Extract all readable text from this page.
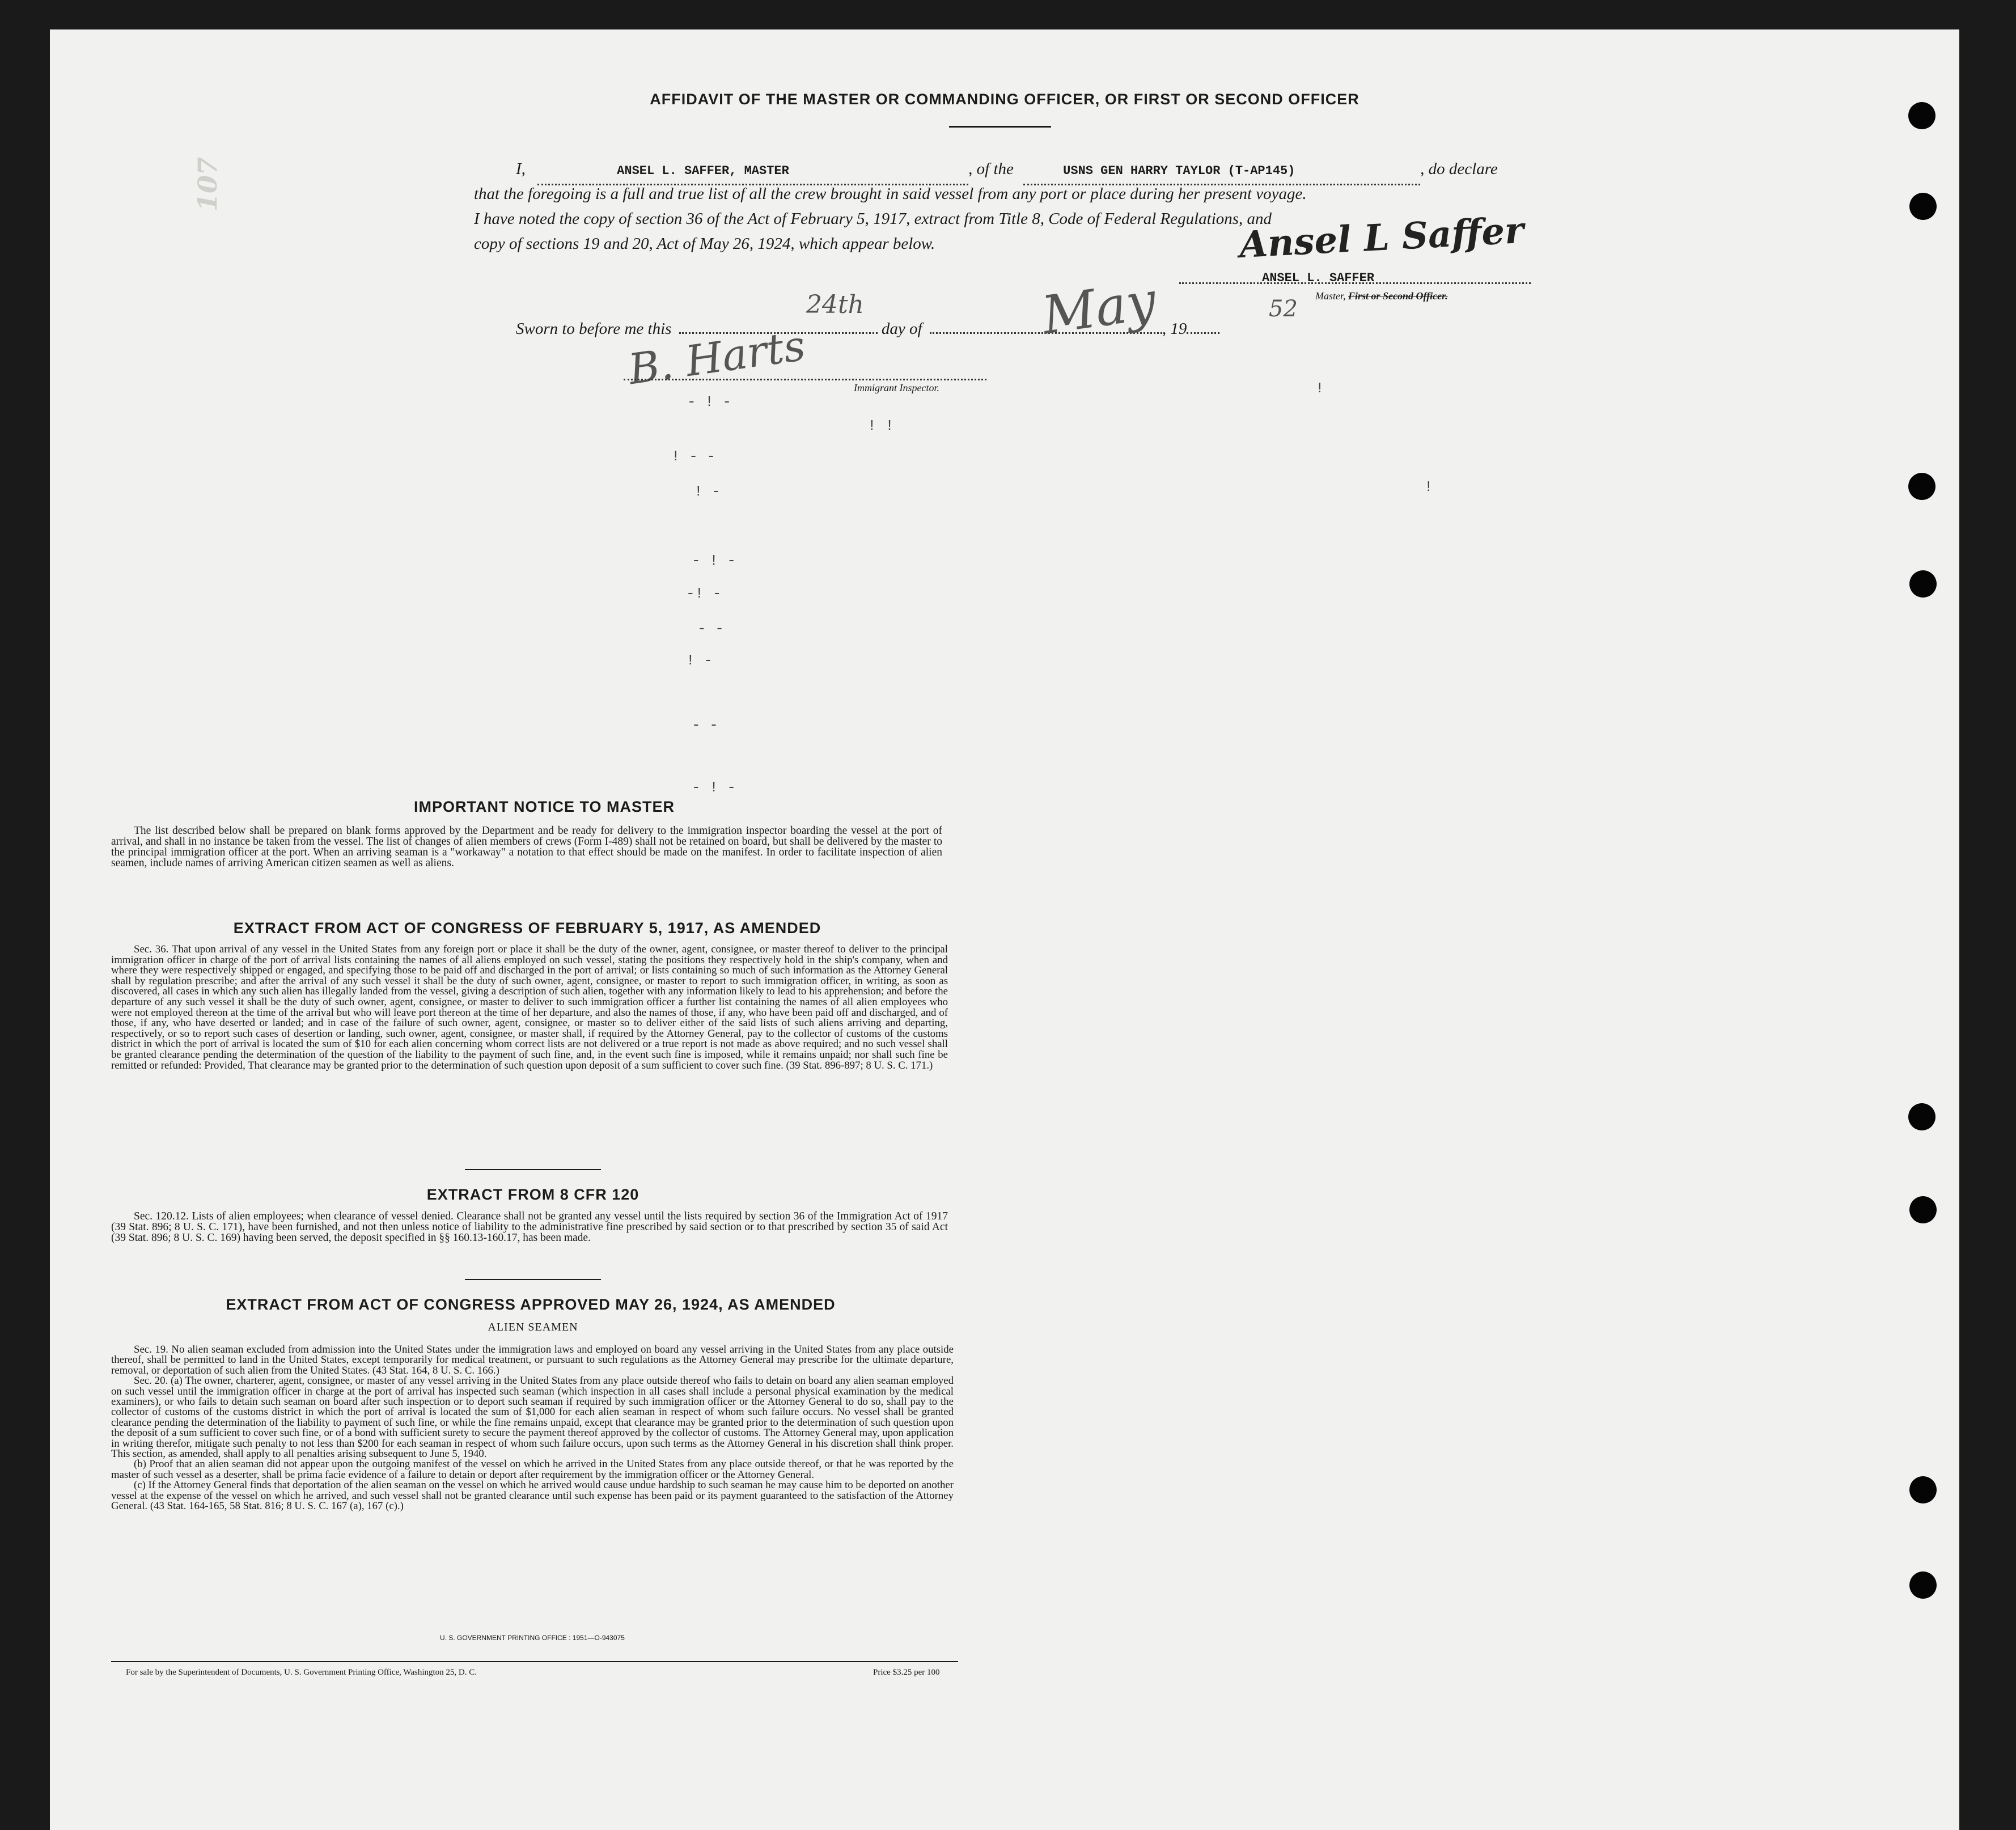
107
AFFIDAVIT OF THE MASTER OR COMMANDING OFFICER, OR FIRST OR SECOND OFFICER
I,	ANSEL L. SAFFER, MASTER	, of the	USNS GEN HARRY TAYLOR (T-AP145)	, do declare
that the foregoing is a full and true list of all the crew brought in said vessel from any port or place during her present voyage.
I have noted the copy of section 36 of the Act of February 5, 1917, extract from Title 8, Code of Federal Regulations, and
copy of sections 19 and 20, Act of May 26, 1924, which appear below.	Ansel L Saffer
ANSEL L. SAFFER
Master, First or Second Officer.
Sworn to before me this	day of	, 19
24th	May	52
B. Harts	Immigrant Inspector.
- ! -
! !
! - -
! -
- ! -
-! -
- -
! -
- -
- ! -
!
!
IMPORTANT NOTICE TO MASTER

The list described below shall be prepared on blank forms approved by the Department and be ready for delivery to the immigration inspector boarding the vessel at the port of arrival, and shall in no instance be taken from the vessel. The list of changes of alien members of crews (Form I-489) shall not be retained on board, but shall be delivered by the master to the principal immigration officer at the port. When an arriving seaman is a "workaway" a notation to that effect should be made on the manifest. In order to facilitate inspection of alien seamen, include names of arriving American citizen seamen as well as aliens.

EXTRACT FROM ACT OF CONGRESS OF FEBRUARY 5, 1917, AS AMENDED

Sec. 36. That upon arrival of any vessel in the United States from any foreign port or place it shall be the duty of the owner, agent, consignee, or master thereof to deliver to the principal immigration officer in charge of the port of arrival lists containing the names of all aliens employed on such vessel, stating the positions they respectively hold in the ship's company, when and where they were respectively shipped or engaged, and specifying those to be paid off and discharged in the port of arrival; or lists containing so much of such information as the Attorney General shall by regulation prescribe; and after the arrival of any such vessel it shall be the duty of such owner, agent, consignee, or master to report to such immigration officer, in writing, as soon as discovered, all cases in which any such alien has illegally landed from the vessel, giving a description of such alien, together with any information likely to lead to his apprehension; and before the departure of any such vessel it shall be the duty of such owner, agent, consignee, or master to deliver to such immigration officer a further list containing the names of all alien employees who were not employed thereon at the time of the arrival but who will leave port thereon at the time of her departure, and also the names of those, if any, who have been paid off and discharged, and of those, if any, who have deserted or landed; and in case of the failure of such owner, agent, consignee, or master so to deliver either of the said lists of such aliens arriving and departing, respectively, or so to report such cases of desertion or landing, such owner, agent, consignee, or master shall, if required by the Attorney General, pay to the collector of customs of the customs district in which the port of arrival is located the sum of $10 for each alien concerning whom correct lists are not delivered or a true report is not made as above required; and no such vessel shall be granted clearance pending the determination of the question of the liability to the payment of such fine, and, in the event such fine is imposed, while it remains unpaid; nor shall such fine be remitted or refunded: Provided, That clearance may be granted prior to the determination of such question upon deposit of a sum sufficient to cover such fine. (39 Stat. 896-897; 8 U. S. C. 171.)

EXTRACT FROM 8 CFR 120

Sec. 120.12. Lists of alien employees; when clearance of vessel denied. Clearance shall not be granted any vessel until the lists required by section 36 of the Immigration Act of 1917 (39 Stat. 896; 8 U. S. C. 171), have been furnished, and not then unless notice of liability to the administrative fine prescribed by said section or to that prescribed by section 35 of said Act (39 Stat. 896; 8 U. S. C. 169) having been served, the deposit specified in §§ 160.13-160.17, has been made.

EXTRACT FROM ACT OF CONGRESS APPROVED MAY 26, 1924, AS AMENDED
ALIEN SEAMEN

Sec. 19. No alien seaman excluded from admission into the United States under the immigration laws and employed on board any vessel arriving in the United States from any place outside thereof, shall be permitted to land in the United States, except temporarily for medical treatment, or pursuant to such regulations as the Attorney General may prescribe for the ultimate departure, removal, or deportation of such alien from the United States. (43 Stat. 164, 8 U. S. C. 166.)

Sec. 20. (a) The owner, charterer, agent, consignee, or master of any vessel arriving in the United States from any place outside thereof who fails to detain on board any alien seaman employed on such vessel until the immigration officer in charge at the port of arrival has inspected such seaman (which inspection in all cases shall include a personal physical examination by the medical examiners), or who fails to detain such seaman on board after such inspection or to deport such seaman if required by such immigration officer or the Attorney General to do so, shall pay to the collector of customs of the customs district in which the port of arrival is located the sum of $1,000 for each alien seaman in respect of whom such failure occurs. No vessel shall be granted clearance pending the determination of the liability to payment of such fine, or while the fine remains unpaid, except that clearance may be granted prior to the determination of such question upon the deposit of a sum sufficient to cover such fine, or of a bond with sufficient surety to secure the payment thereof approved by the collector of customs. The Attorney General may, upon application in writing therefor, mitigate such penalty to not less than $200 for each seaman in respect of whom such failure occurs, upon such terms as the Attorney General in his discretion shall think proper. This section, as amended, shall apply to all penalties arising subsequent to June 5, 1940.

(b) Proof that an alien seaman did not appear upon the outgoing manifest of the vessel on which he arrived in the United States from any place outside thereof, or that he was reported by the master of such vessel as a deserter, shall be prima facie evidence of a failure to detain or deport after requirement by the immigration officer or the Attorney General.

(c) If the Attorney General finds that deportation of the alien seaman on the vessel on which he arrived would cause undue hardship to such seaman he may cause him to be deported on another vessel at the expense of the vessel on which he arrived, and such vessel shall not be granted clearance until such expense has been paid or its payment guaranteed to the satisfaction of the Attorney General. (43 Stat. 164-165, 58 Stat. 816; 8 U. S. C. 167 (a), 167 (c).)

U. S. GOVERNMENT PRINTING OFFICE : 1951—O-943075
For sale by the Superintendent of Documents, U. S. Government Printing Office, Washington 25, D. C.	Price $3.25 per 100
